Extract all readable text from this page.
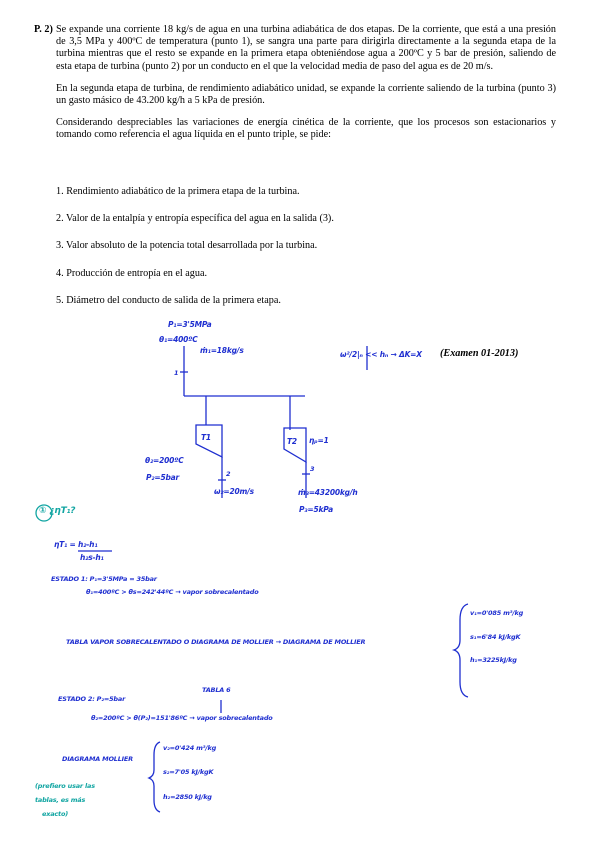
P. 2) Se expande una corriente 18 kg/s de agua en una turbina adiabática de dos etapas. De la corriente, que está a una presión de 3,5 MPa y 400ºC de temperatura (punto 1), se sangra una parte para dirigirla directamente a la segunda etapa de la turbina mientras que el resto se expande en la primera etapa obteniéndose agua a 200ºC y 5 bar de presión, saliendo de esta etapa de turbina (punto 2) por un conducto en el que la velocidad media de paso del agua es de 20 m/s.

En la segunda etapa de turbina, de rendimiento adiabático unidad, se expande la corriente saliendo de la turbina (punto 3) un gasto másico de 43.200 kg/h a 5 kPa de presión.

Considerando despreciables las variaciones de energía cinética de la corriente, que los procesos son estacionarios y tomando como referencia el agua líquida en el punto triple, se pide:

1. Rendimiento adiabático de la primera etapa de la turbina.
2. Valor de la entalpía y entropía específica del agua en la salida (3).
3. Valor absoluto de la potencia total desarrollada por la turbina.
4. Producción de entropía en el agua.
5. Diámetro del conducto de salida de la primera etapa.
(Examen 01-2013)
P₁=3'5MPa
θ₁=400ºC
ṁ₁=18kg/s
1
ω²/2|ₙ << hₙ → ΔK=X
T1	T2 ηₚ=1
θ₂=200ºC
P₂=5bar	2
ω₂=20m/s
3
ṁ₃=43200kg/h
P₃=5kPa
① ¿ηT₁?
ηT₁ = h₂-h₁
h₂s-h₁
ESTADO 1: P₁=3'5MPa = 35bar
θ₁=400ºC > θs=242'44ºC → vapor sobrecalentado
TABLA VAPOR SOBRECALENTADO O DIAGRAMA DE MOLLIER → DIAGRAMA DE MOLLIER
v₁=0'085 m³/kg
s₁=6'84 kJ/kgK
h₁=3225kJ/kg
TABLA 6
ESTADO 2: P₂=5bar
θ₂=200ºC > θ(P₂)=151'86ºC → vapor sobrecalentado
DIAGRAMA MOLLIER
v₂=0'424 m³/kg
s₂=7'05 kJ/kgK
h₂=2850 kJ/kg
(prefiero usar las
tablas, es más
exacto)
